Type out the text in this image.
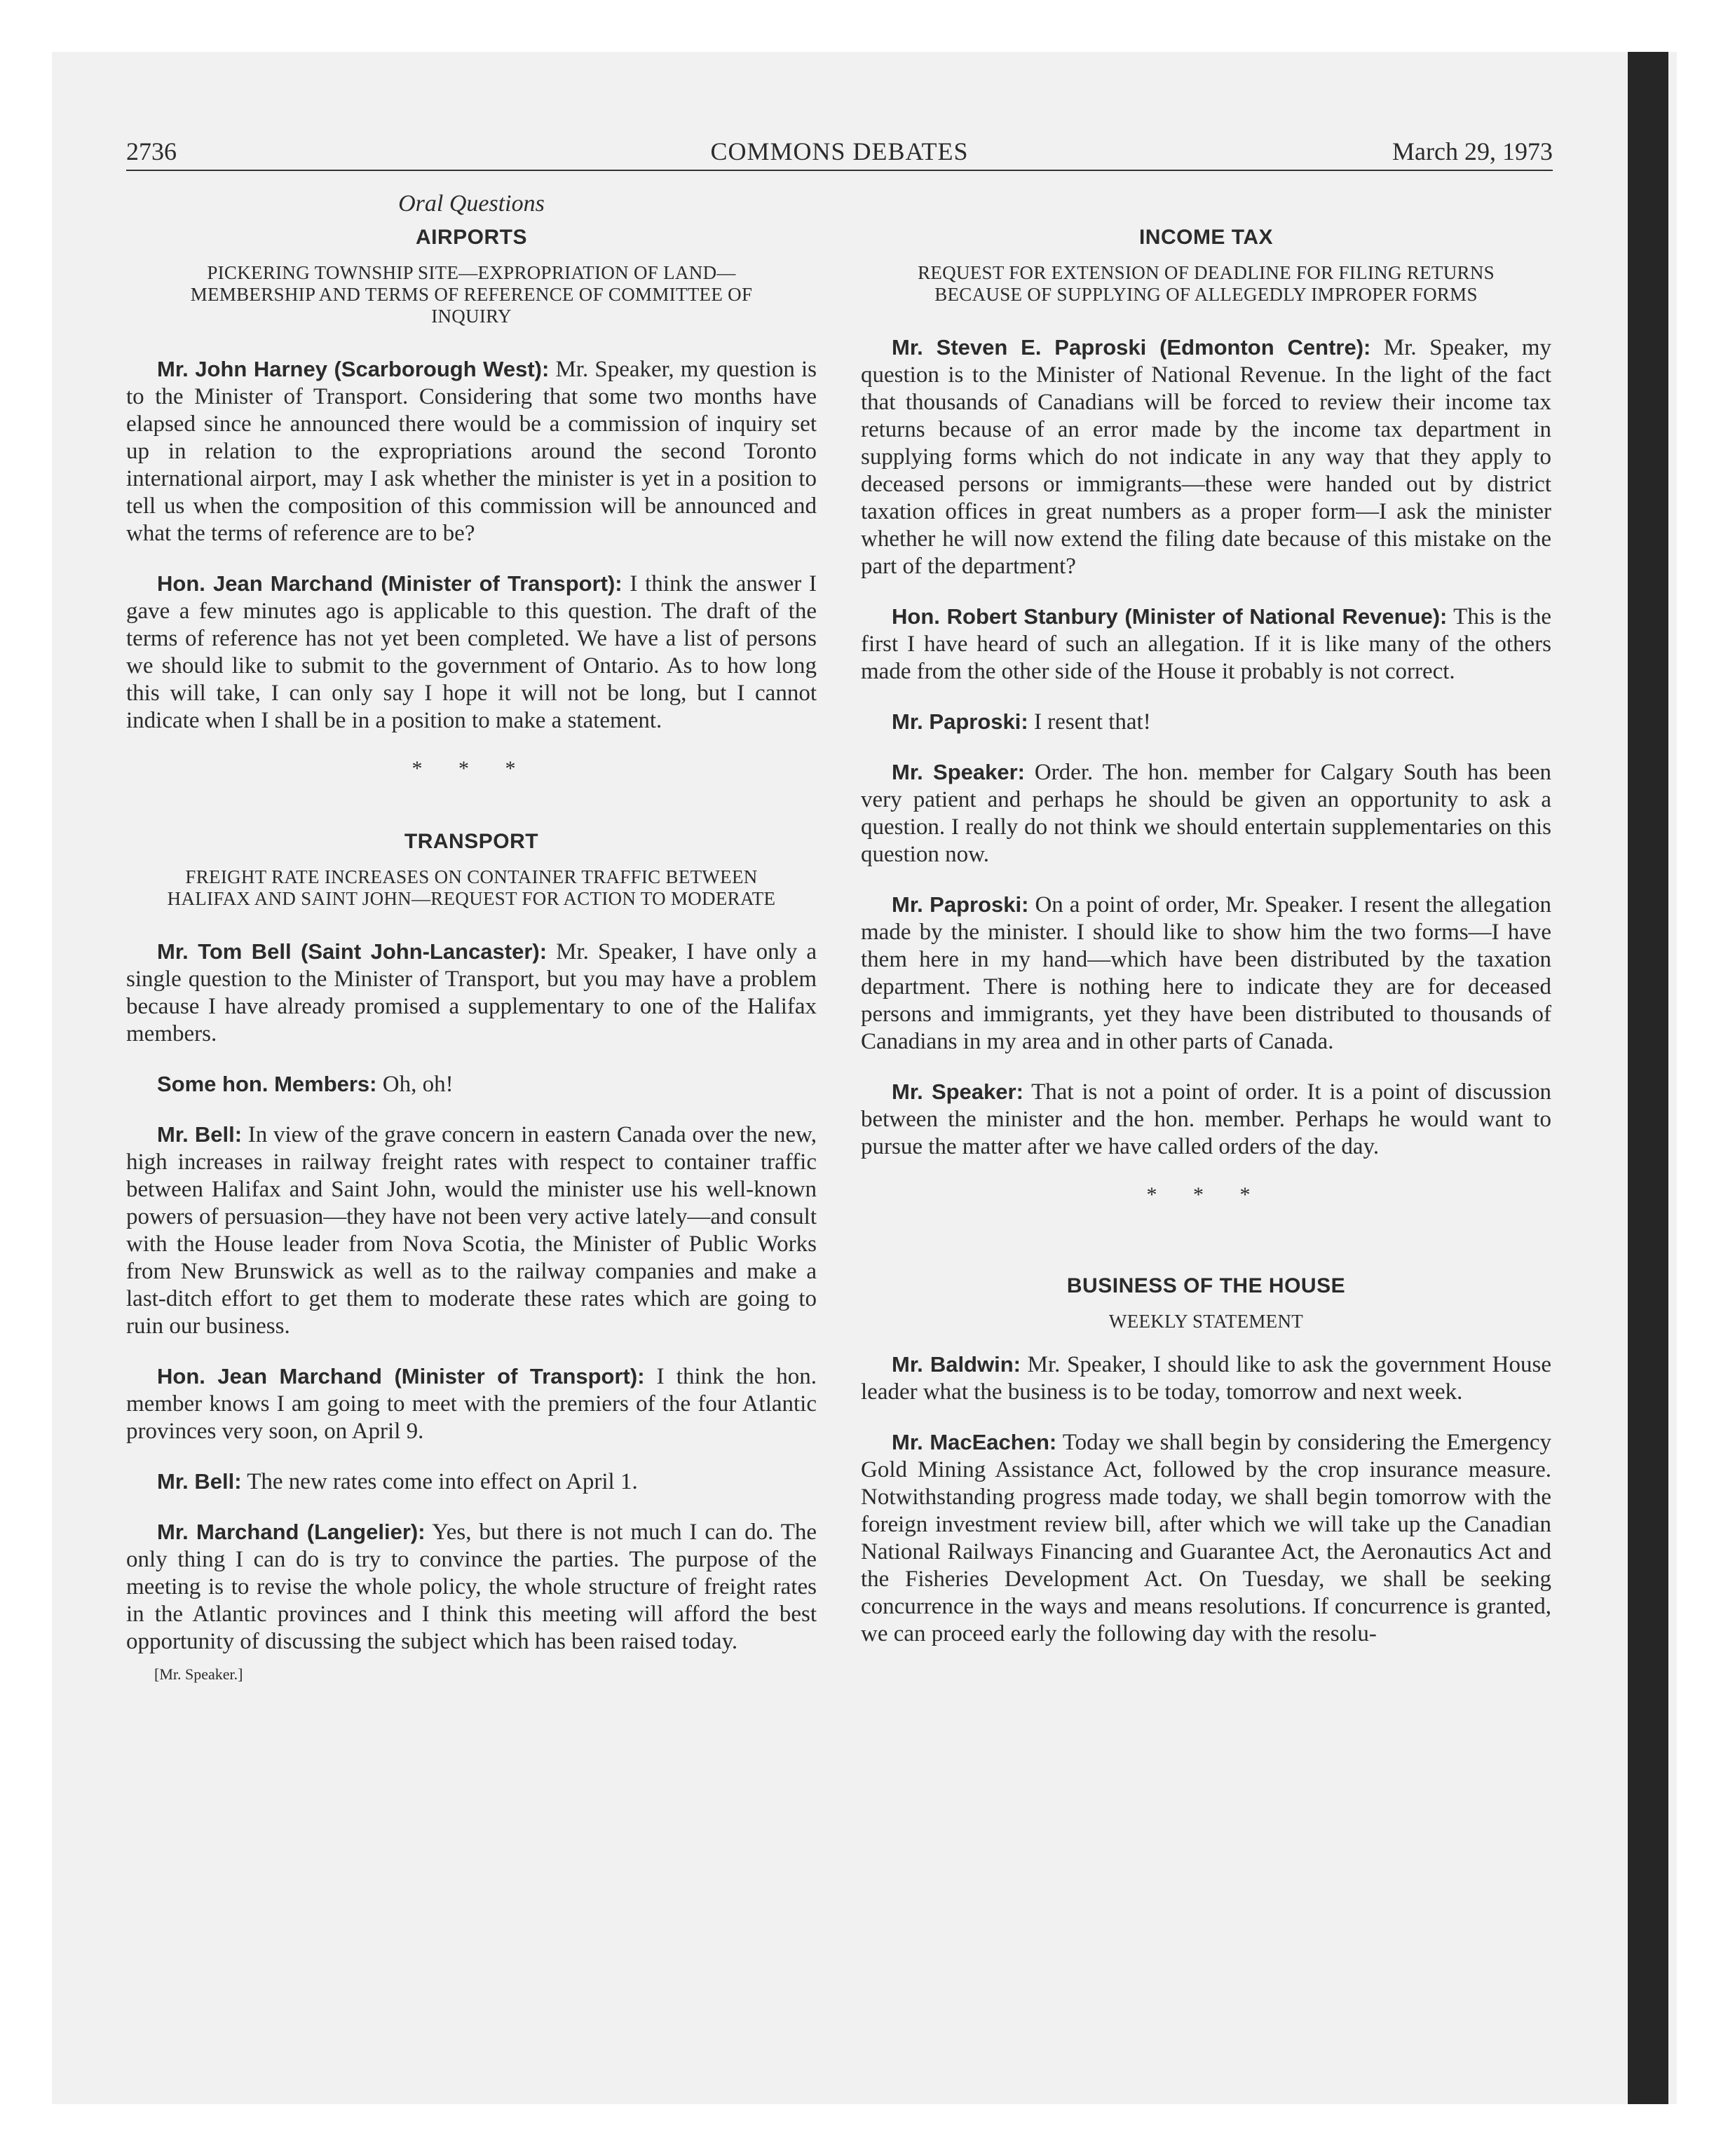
2736	COMMONS DEBATES	March 29, 1973
Oral Questions
AIRPORTS
PICKERING TOWNSHIP SITE—EXPROPRIATION OF LAND—MEMBERSHIP AND TERMS OF REFERENCE OF COMMITTEE OF INQUIRY

Mr. John Harney (Scarborough West): Mr. Speaker, my question is to the Minister of Transport. Considering that some two months have elapsed since he announced there would be a commission of inquiry set up in relation to the expropriations around the second Toronto international airport, may I ask whether the minister is yet in a position to tell us when the composition of this commission will be announced and what the terms of reference are to be?

Hon. Jean Marchand (Minister of Transport): I think the answer I gave a few minutes ago is applicable to this question. The draft of the terms of reference has not yet been completed. We have a list of persons we should like to submit to the government of Ontario. As to how long this will take, I can only say I hope it will not be long, but I cannot indicate when I shall be in a position to make a statement.

* * *
TRANSPORT
FREIGHT RATE INCREASES ON CONTAINER TRAFFIC BETWEEN HALIFAX AND SAINT JOHN—REQUEST FOR ACTION TO MODERATE

Mr. Tom Bell (Saint John-Lancaster): Mr. Speaker, I have only a single question to the Minister of Transport, but you may have a problem because I have already promised a supplementary to one of the Halifax members.

Some hon. Members: Oh, oh!

Mr. Bell: In view of the grave concern in eastern Canada over the new, high increases in railway freight rates with respect to container traffic between Halifax and Saint John, would the minister use his well-known powers of persuasion—they have not been very active lately—and consult with the House leader from Nova Scotia, the Minister of Public Works from New Brunswick as well as to the railway companies and make a last-ditch effort to get them to moderate these rates which are going to ruin our business.

Hon. Jean Marchand (Minister of Transport): I think the hon. member knows I am going to meet with the premiers of the four Atlantic provinces very soon, on April 9.

Mr. Bell: The new rates come into effect on April 1.

Mr. Marchand (Langelier): Yes, but there is not much I can do. The only thing I can do is try to convince the parties. The purpose of the meeting is to revise the whole policy, the whole structure of freight rates in the Atlantic provinces and I think this meeting will afford the best opportunity of discussing the subject which has been raised today.

[Mr. Speaker.]
INCOME TAX
REQUEST FOR EXTENSION OF DEADLINE FOR FILING RETURNS BECAUSE OF SUPPLYING OF ALLEGEDLY IMPROPER FORMS

Mr. Steven E. Paproski (Edmonton Centre): Mr. Speaker, my question is to the Minister of National Revenue. In the light of the fact that thousands of Canadians will be forced to review their income tax returns because of an error made by the income tax department in supplying forms which do not indicate in any way that they apply to deceased persons or immigrants—these were handed out by district taxation offices in great numbers as a proper form—I ask the minister whether he will now extend the filing date because of this mistake on the part of the department?

Hon. Robert Stanbury (Minister of National Revenue): This is the first I have heard of such an allegation. If it is like many of the others made from the other side of the House it probably is not correct.

Mr. Paproski: I resent that!

Mr. Speaker: Order. The hon. member for Calgary South has been very patient and perhaps he should be given an opportunity to ask a question. I really do not think we should entertain supplementaries on this question now.

Mr. Paproski: On a point of order, Mr. Speaker. I resent the allegation made by the minister. I should like to show him the two forms—I have them here in my hand—which have been distributed by the taxation department. There is nothing here to indicate they are for deceased persons and immigrants, yet they have been distributed to thousands of Canadians in my area and in other parts of Canada.

Mr. Speaker: That is not a point of order. It is a point of discussion between the minister and the hon. member. Perhaps he would want to pursue the matter after we have called orders of the day.

* * *
BUSINESS OF THE HOUSE
WEEKLY STATEMENT

Mr. Baldwin: Mr. Speaker, I should like to ask the government House leader what the business is to be today, tomorrow and next week.

Mr. MacEachen: Today we shall begin by considering the Emergency Gold Mining Assistance Act, followed by the crop insurance measure. Notwithstanding progress made today, we shall begin tomorrow with the foreign investment review bill, after which we will take up the Canadian National Railways Financing and Guarantee Act, the Aeronautics Act and the Fisheries Development Act. On Tuesday, we shall be seeking concurrence in the ways and means resolutions. If concurrence is granted, we can proceed early the following day with the resolu-
